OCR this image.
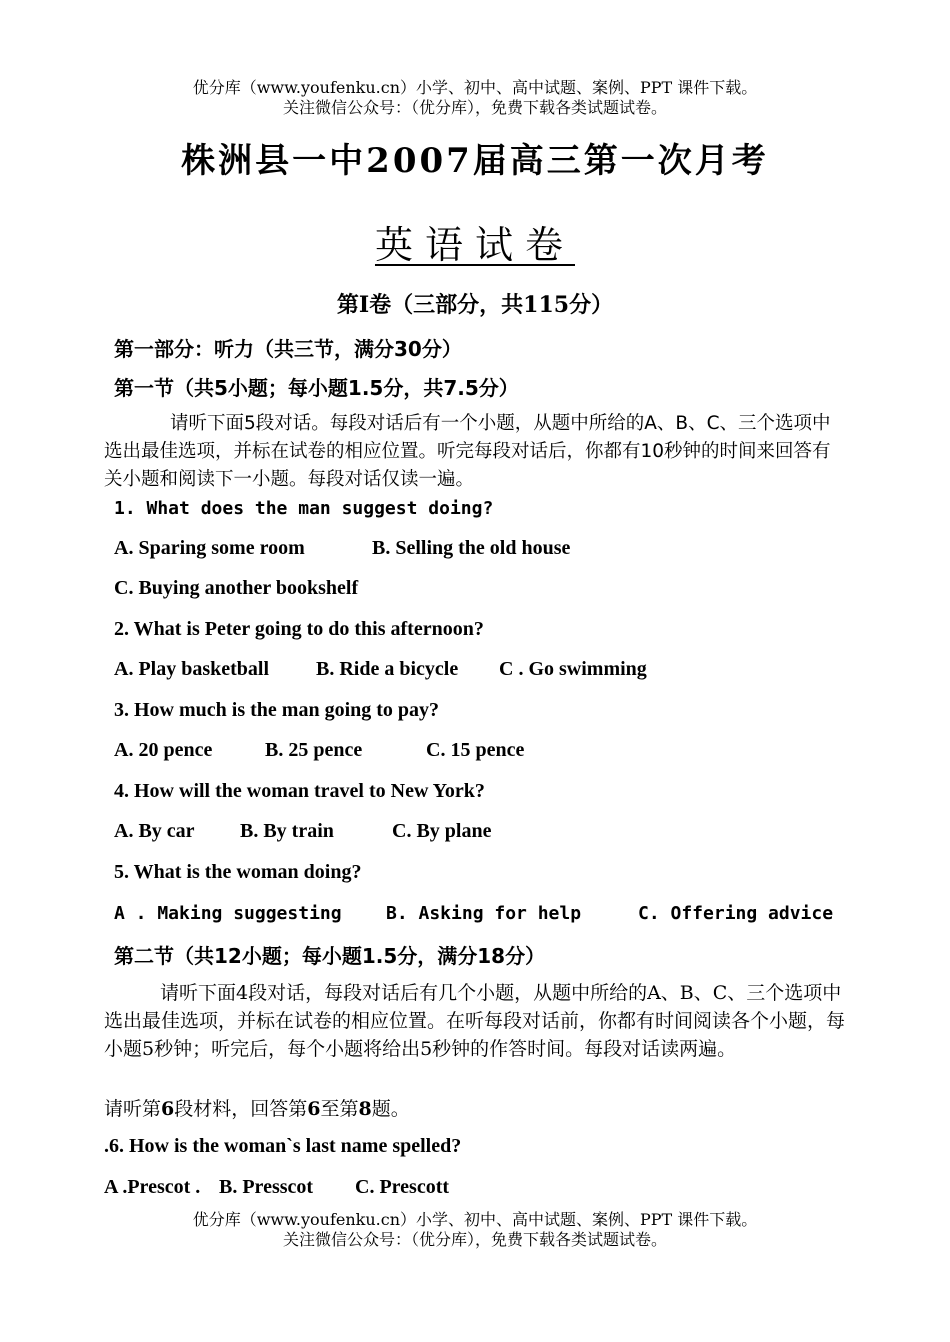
优分库（www.youfenku.cn）小学、初中、高中试题、案例、PPT 课件下载。
关注微信公众号：（优分库），免费下载各类试题试卷。
株洲县一中2007届高三第一次月考
英语试卷
第Ⅰ卷（三部分，共115分）
第一部分：听力（共三节，满分30分）
第一节（共5小题；每小题1.5分，共7.5分）
请听下面5段对话。每段对话后有一个小题，从题中所给的A、B、C、三个选项中选出最佳选项，并标在试卷的相应位置。听完每段对话后，你都有10秒钟的时间来回答有关小题和阅读下一小题。每段对话仅读一遍。
1. What does the man suggest doing?
A. Sparing some room	B. Selling the old house
C. Buying another bookshelf
2. What is Peter going to do this afternoon?
A. Play basketball B. Ride a bicycle C . Go swimming
3. How much is the man going to pay?
A. 20 pence	B. 25 pence	C. 15 pence
4. How will the woman travel to New York?
A. By car B. By train	C. By plane
5. What is the woman doing?
A . Making suggesting B. Asking for help	C. Offering advice
第二节（共12小题；每小题1.5分，满分18分）
请听下面4段对话，每段对话后有几个小题，从题中所给的A、B、C、三个选项中选出最佳选项，并标在试卷的相应位置。在听每段对话前，你都有时间阅读各个小题，每小题5秒钟；听完后，每个小题将给出5秒钟的作答时间。每段对话读两遍。
请听第6段材料，回答第6至第8题。
.6. How is the woman`s last name spelled?
A .Prescot . B. Presscot C. Prescott
优分库（www.youfenku.cn）小学、初中、高中试题、案例、PPT 课件下载。
关注微信公众号：（优分库），免费下载各类试题试卷。
